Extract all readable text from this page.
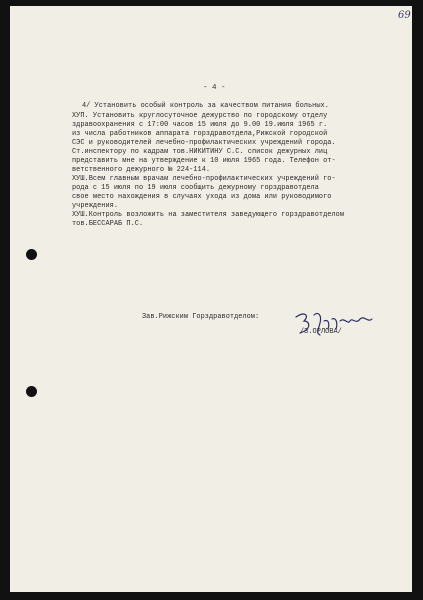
69
- 4 -
4/ Установить особый контроль за качеством питания больных.
ХУП. Установить круглосуточное дежурство по городскому отделу
здравоохранения с 17:00 часов 15 июля до 9.00 19.июля 1965 г.
из числа работников аппарата горздравотдела,Рижской городской
СЭС и руководителей лечебно-профилактических учреждений города.
Ст.инспектору по кадрам тов.НИКИТИНУ С.С. список дежурных лиц
представить мне на утверждение к 10 июля 1965 года. Телефон от-
ветственного дежурного № 224-114.
ХУШ.Всем главным врачам лечебно-профилактических учреждений го-
рода с 15 июля по 19 июля сообщить дежурному горздравотдела
свое место нахождения в случаях ухода из дома или руководимого
учреждения.
ХУШ.Контроль возложить на заместителя заведующего горздравотделом
тов.БЕССАРАБ П.С.
Зав.Рижским Горздравотделом:
/З.ОРЛОВА/
